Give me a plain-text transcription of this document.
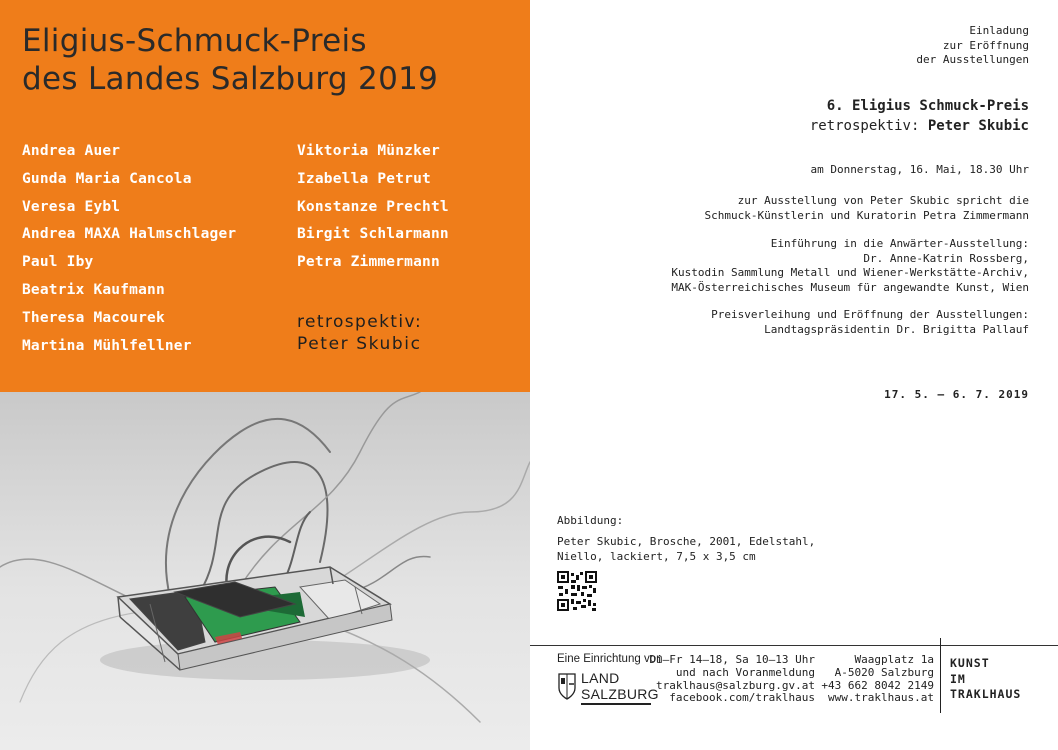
Eligius-Schmuck-Preis
des Landes Salzburg 2019
Andrea Auer
Gunda Maria Cancola
Veresa Eybl
Andrea MAXA Halmschlager
Paul Iby
Beatrix Kaufmann
Theresa Macourek
Martina Mühlfellner
Viktoria Münzker
Izabella Petrut
Konstanze Prechtl
Birgit Schlarmann
Petra Zimmermann
retrospektiv:
Peter Skubic
Einladung
zur Eröffnung
der Ausstellungen
6. Eligius Schmuck-Preis
retrospektiv: Peter Skubic
am Donnerstag, 16. Mai, 18.30 Uhr
zur Ausstellung von Peter Skubic spricht die
Schmuck-Künstlerin und Kuratorin Petra Zimmermann
Einführung in die Anwärter-Ausstellung:
Dr. Anne-Katrin Rossberg,
Kustodin Sammlung Metall und Wiener-Werkstätte-Archiv,
MAK-Österreichisches Museum für angewandte Kunst, Wien
Preisverleihung und Eröffnung der Ausstellungen:
Landtagspräsidentin Dr. Brigitta Pallauf
17. 5. – 6. 7. 2019
Abbildung:
Peter Skubic, Brosche, 2001, Edelstahl,
Niello, lackiert, 7,5 x 3,5 cm
Eine Einrichtung von
LAND
SALZBURG
Di–Fr 14–18, Sa 10–13 Uhr
und nach Voranmeldung
traklhaus@salzburg.gv.at
facebook.com/traklhaus
Waagplatz 1a
A-5020 Salzburg
+43 662 8042 2149
www.traklhaus.at
KUNST
IM
TRAKLHAUS
